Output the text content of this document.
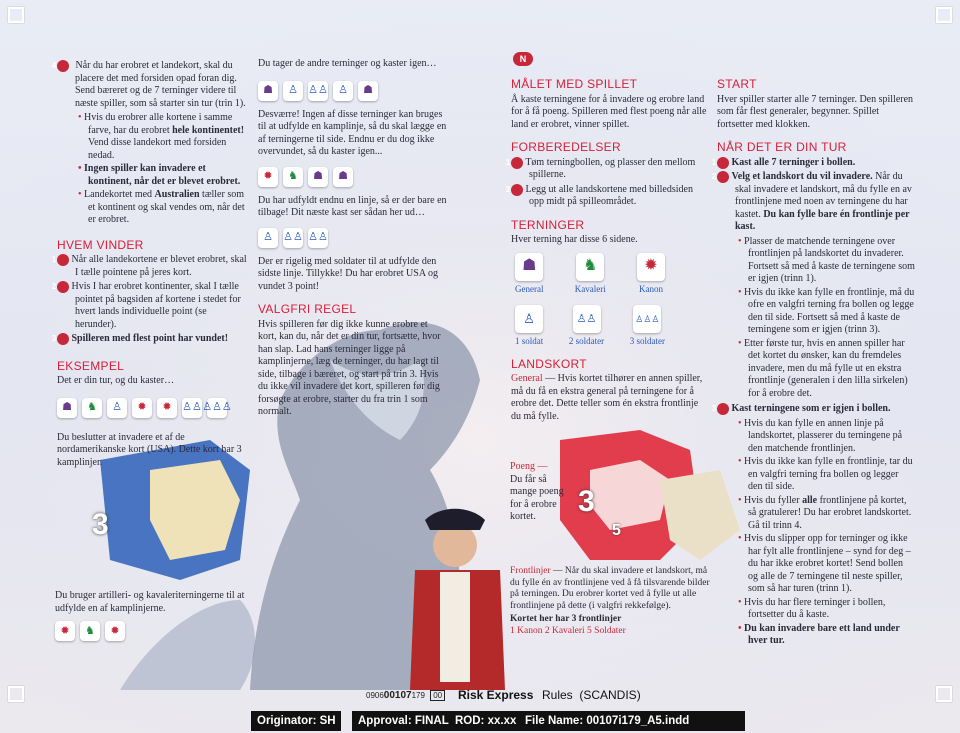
4 Når du har erobret et landekort, skal du placere det med forsiden opad foran dig. Send bæreret og de 7 terninger videre til næste spiller, som så starter sin tur (trin 1).
• Hvis du erobrer alle kortene i samme farve, har du erobret hele kontinentet! Vend disse landekort med forsiden nedad.
• Ingen spiller kan invadere et kontinent, når det er blevet erobret.
• Landekortet med Australien tæller som et kontinent og skal vendes om, når det er erobret.
HVEM VINDER
1 Når alle landekortene er blevet erobret, skal I tælle pointene på jeres kort.
2 Hvis I har erobret kontinenter, skal I tælle pointet på bagsiden af kortene i stedet for hvert lands individuelle point (se herunder).
3 Spilleren med flest point har vundet!
EKSEMPEL

Det er din tur, og du kaster…

☗	♞	♙	✹	✹ ♙♙ ♙♙♙

Du beslutter at invadere et af de nordamerikanske kort (USA). Dette kort har 3 kamplinjer.

3

Du bruger artilleri- og kavaleriterningerne til at udfylde en af kamplinjerne.

✹	♞	✹

Du tager de andre terninger og kaster igen…

☗	♙ ♙♙ ♙	☗

Desværre! Ingen af disse terninger kan bruges til at udfylde en kamplinje, så du skal lægge en af terningerne til side. Endnu er du dog ikke overvundet, så du kaster igen...

✹	♞	☗	☗

Du har udfyldt endnu en linje, så er der bare en tilbage! Dit næste kast ser sådan her ud…

♙ ♙♙ ♙♙

Der er rigelig med soldater til at udfylde den sidste linje. Tillykke! Du har erobret USA og vundet 3 point!

VALGFRI REGEL

Hvis spilleren før dig ikke kunne erobre et kort, kan du, når det er din tur, fortsætte, hvor han slap. Lad hans terninger ligge på kamplinjerne, læg de terninger, du har lagt til side, tilbage i bæreret, og start på trin 3. Hvis du ikke vil invadere det kort, spilleren før dig forsøgte at erobre, starter du fra trin 1 som normalt.

N
MÅLET MED SPILLET

Å kaste terningene for å invadere og erobre land for å få poeng. Spilleren med flest poeng når alle land er erobret, vinner spillet.

FORBEREDELSER
1 Tøm terningbollen, og plasser den mellom spillerne.
2 Legg ut alle landskortene med billedsiden opp midt på spilleområdet.
TERNINGER

Hver terning har disse 6 sidene.

☗
General
♞
Kavaleri
✹
Kanon
♙
1 soldat
♙♙
2 soldater
♙♙♙
3 soldater
LANDSKORT

General — Hvis kortet tilhører en annen spiller, må du få en ekstra general på terningene for å erobre det. Dette teller som én ekstra frontlinje du må fylle.

Poeng —

Du får så mange poeng for å erobre kortet.	3
5

Frontlinjer — Når du skal invadere et landskort, må du fylle én av frontlinjene ved å få tilsvarende bilder på terningen. Du erobrer kortet ved å fylle ut alle frontlinjene på dette (i valgfri rekkefølge).

Kortet her har 3 frontlinjer

1 Kanon 2 Kavaleri 5 Soldater

START

Hver spiller starter alle 7 terninger. Den spilleren som får flest generaler, begynner. Spillet fortsetter med klokken.

NÅR DET ER DIN TUR
1 Kast alle 7 terninger i bollen.
2 Velg et landskort du vil invadere. Når du skal invadere et landskort, må du fylle en av frontlinjene med noen av terningene du har kastet. Du kan fylle bare én frontlinje per kast.
• Plasser de matchende terningene over frontlinjen på landskortet du invaderer. Fortsett så med å kaste de terningene som er igjen (trinn 1).
• Hvis du ikke kan fylle en frontlinje, må du ofre en valgfri terning fra bollen og legge den til side. Fortsett så med å kaste de terningene som er igjen (trinn 3).
• Etter første tur, hvis en annen spiller har det kortet du ønsker, kan du fremdeles invadere, men du må fylle ut en ekstra frontlinje (generalen i den lilla sirkelen) for å erobre det.
3 Kast terningene som er igjen i bollen.
• Hvis du kan fylle en annen linje på landskortet, plasserer du terningene på den matchende frontlinjen.
• Hvis du ikke kan fylle en frontlinje, tar du en valgfri terning fra bollen og legger den til side.
• Hvis du fyller alle frontlinjene på kortet, så gratulerer! Du har erobret landskortet. Gå til trinn 4.
• Hvis du slipper opp for terninger og ikke har fylt alle frontlinjene – synd for deg – du har ikke erobret kortet! Send bollen og alle de 7 terningene til neste spiller, som så har turen (trinn 1).
• Hvis du har flere terninger i bollen, fortsetter du å kaste.
• Du kan invadere bare ett land under hver tur.
090600107179 00 Risk Express Rules  (SCANDIS)
Originator: SH	Approval: FINAL ROD: xx.xx File Name: 00107i179_A5.indd
